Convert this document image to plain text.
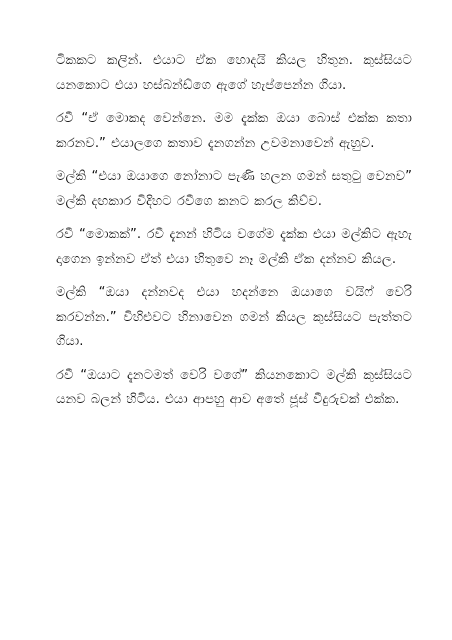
ටිකකට කලින්. එයාට ඒක හොදයි කියල හිතුන. කුස්සියට යනකොට එයා හස්බන්ඩ්ගෙ ඇගේ හැප්පෙන්න ගියා.

රවී “ඒ මොකද වෙන්නෙ. මම දැක්ක ඔයා බොස් එක්ක කතා කරනව.” එයාලගෙ කතාව දැනගන්න උවමනාවෙන් ඇහුව.

මල්කි “එයා ඔයාගෙ නෝනාට පැණි හලන ගමන් සතුටු වෙනව” මල්කි දඟකාර විදිහට රවීගෙ කනට කරල කිව්ව.

රවී “මොකක්”. රවී දැනන් හිටිය වගේම දැක්ක එයා මල්කිට ඇහැ දාගෙන ඉන්නව ඒත් එයා හිතුවෙ නෑ මල්කි ඒක දන්නව කියල.

මල්කි “ඔයා දන්නවද එයා හදන්නෙ ඔයාගෙ වයිෆ් වෙරි කරවන්න.” විහිළුවට හිනාවෙන ගමන් කියල කුස්සියට පැත්තට ගියා.

රවී “ඔයාට දැනටමත් වෙරි වගේ” කියනකොට මල්කි කුස්සියට යනව බලන් හිටිය. එයා ආපහු ආව අතේ ජූස් වීදුරුවක් එක්ක.
